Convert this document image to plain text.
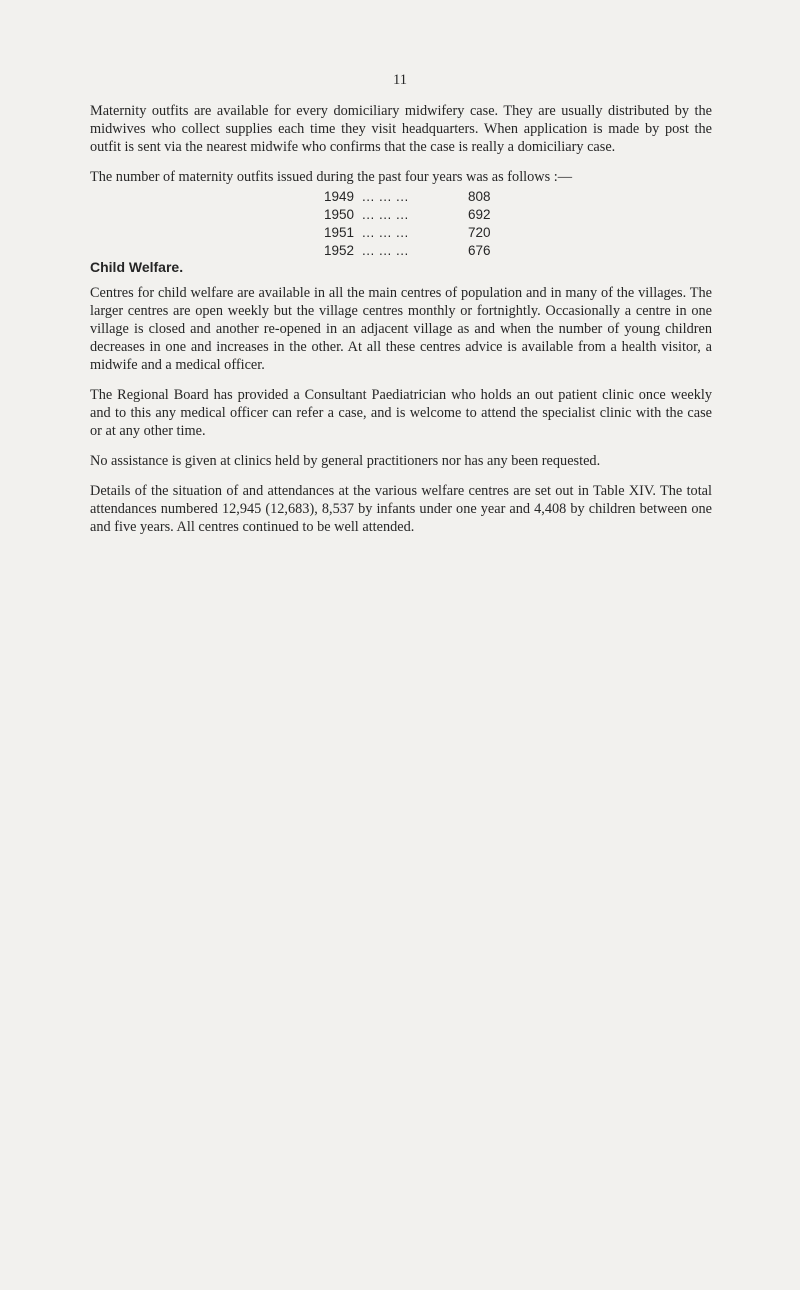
11

Maternity outfits are available for every domiciliary midwifery case. They are usually distributed by the midwives who collect supplies each time they visit headquarters. When application is made by post the outfit is sent via the nearest midwife who confirms that the case is really a domiciliary case.

The number of maternity outfits issued during the past four years was as follows :—

1949 ... ... ...	808
1950 ... ... ...	692
1951 ... ... ...	720
1952 ... ... ...	676
Child Welfare.

Centres for child welfare are available in all the main centres of population and in many of the villages. The larger centres are open weekly but the village centres monthly or fortnightly. Occasionally a centre in one village is closed and another re-opened in an adjacent village as and when the number of young children decreases in one and increases in the other. At all these centres advice is available from a health visitor, a midwife and a medical officer.

The Regional Board has provided a Consultant Paediatrician who holds an out patient clinic once weekly and to this any medical officer can refer a case, and is welcome to attend the specialist clinic with the case or at any other time.

No assistance is given at clinics held by general practitioners nor has any been requested.

Details of the situation of and attendances at the various welfare centres are set out in Table XIV. The total attendances numbered 12,945 (12,683), 8,537 by infants under one year and 4,408 by children between one and five years. All centres continued to be well attended.
